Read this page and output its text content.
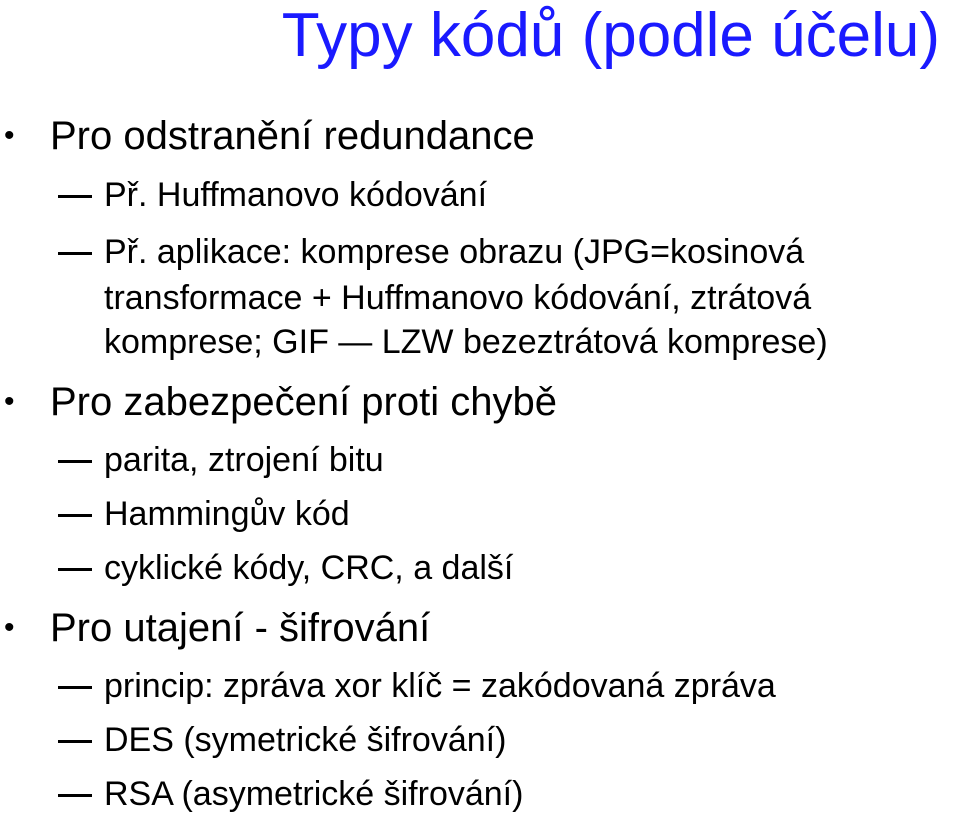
Typy kódů (podle účelu)
• Pro odstranění redundance
Př. Huffmanovo kódování
Př. aplikace: komprese obrazu (JPG=kosinová
transformace + Huffmanovo kódování, ztrátová
komprese; GIF — LZW bezeztrátová komprese)
• Pro zabezpečení proti chybě
parita, ztrojení bitu
Hammingův kód
cyklické kódy, CRC, a další
• Pro utajení - šifrování
princip: zpráva xor klíč = zakódovaná zpráva
DES (symetrické šifrování)
RSA (asymetrické šifrování)
